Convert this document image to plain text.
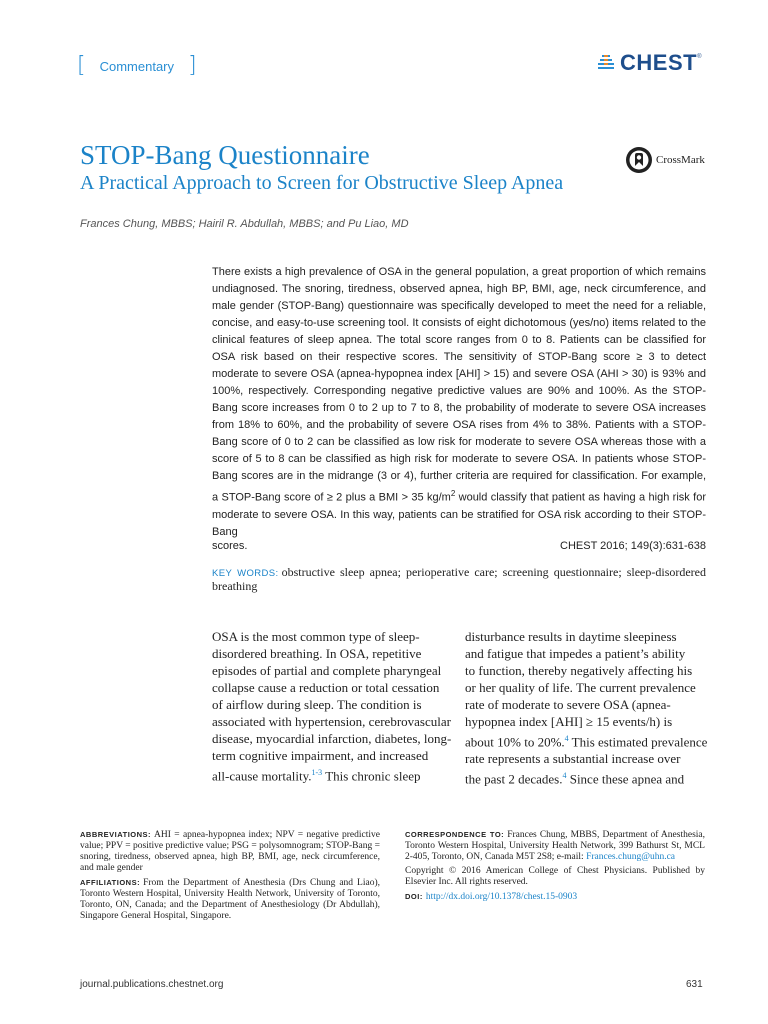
[ Commentary ]	CHEST ®
STOP-Bang Questionnaire
A Practical Approach to Screen for Obstructive Sleep Apnea
CrossMark
Frances Chung, MBBS; Hairil R. Abdullah, MBBS; and Pu Liao, MD

There exists a high prevalence of OSA in the general population, a great proportion of which remains undiagnosed. The snoring, tiredness, observed apnea, high BP, BMI, age, neck circumference, and male gender (STOP-Bang) questionnaire was specifically developed to meet the need for a reliable, concise, and easy-to-use screening tool. It consists of eight dichotomous (yes/no) items related to the clinical features of sleep apnea. The total score ranges from 0 to 8. Patients can be classified for OSA risk based on their respective scores. The sensitivity of STOP-Bang score ≥ 3 to detect moderate to severe OSA (apnea-hypopnea index [AHI] > 15) and severe OSA (AHI > 30) is 93% and 100%, respectively. Corresponding negative predictive values are 90% and 100%. As the STOP-Bang score increases from 0 to 2 up to 7 to 8, the probability of moderate to severe OSA increases from 18% to 60%, and the probability of severe OSA rises from 4% to 38%. Patients with a STOP-Bang score of 0 to 2 can be classified as low risk for moderate to severe OSA whereas those with a score of 5 to 8 can be classified as high risk for moderate to severe OSA. In patients whose STOP-Bang scores are in the midrange (3 or 4), further criteria are required for classification. For example, a STOP-Bang score of ≥ 2 plus a BMI > 35 $kg/m^2$ would classify that patient as having a high risk for moderate to severe OSA. In this way, patients can be stratified for OSA risk according to their STOP-Bang

scores.	CHEST 2016; 149(3):631-638
KEY WORDS: obstructive sleep apnea; perioperative care; screening questionnaire; sleep-disordered breathing
OSA is the most common type of sleep-
disordered breathing. In OSA, repetitive
episodes of partial and complete pharyngeal
collapse cause a reduction or total cessation
of airflow during sleep. The condition is
associated with hypertension, cerebrovascular
disease, myocardial infarction, diabetes, long-
term cognitive impairment, and increased
all-cause mortality.$^{1-3}$ This chronic sleep
disturbance results in daytime sleepiness
and fatigue that impedes a patient’s ability
to function, thereby negatively affecting his
or her quality of life. The current prevalence
rate of moderate to severe OSA (apnea-
hypopnea index [AHI] ≥ 15 events/h) is
about 10% to 20%.$^4$ This estimated prevalence
rate represents a substantial increase over
the past 2 decades.$^4$ Since these apnea and

ABBREVIATIONS: AHI = apnea-hypopnea index; NPV = negative predictive value; PPV = positive predictive value; PSG = polysomnogram; STOP-Bang = snoring, tiredness, observed apnea, high BP, BMI, age, neck circumference, and male gender

AFFILIATIONS: From the Department of Anesthesia (Drs Chung and Liao), Toronto Western Hospital, University Health Network, University of Toronto, Toronto, ON, Canada; and the Department of Anesthesiology (Dr Abdullah), Singapore General Hospital, Singapore.

CORRESPONDENCE TO: Frances Chung, MBBS, Department of Anesthesia, Toronto Western Hospital, University Health Network, 399 Bathurst St, MCL 2-405, Toronto, ON, Canada M5T 2S8; e-mail: Frances.chung@uhn.ca

Copyright © 2016 American College of Chest Physicians. Published by Elsevier Inc. All rights reserved.

DOI: http://dx.doi.org/10.1378/chest.15-0903

journal.publications.chestnet.org	631
